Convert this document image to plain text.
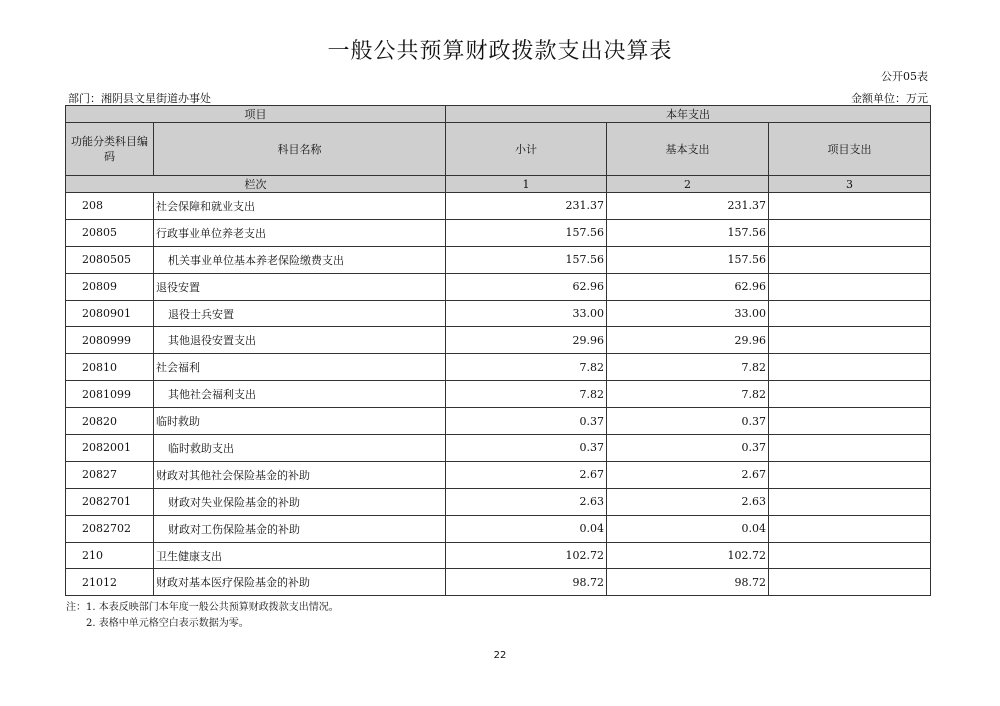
一般公共预算财政拨款支出决算表
公开05表
部门：湘阴县文星街道办事处	金额单位：万元
项目		本年支出		
功能分类科目编码	科目名称	小计	基本支出	项目支出
栏次		1	2	3
208	社会保障和就业支出	231.37	231.37	
20805	行政事业单位养老支出	157.56	157.56	
2080505	机关事业单位基本养老保险缴费支出	157.56	157.56	
20809	退役安置	62.96	62.96	
2080901	退役士兵安置	33.00	33.00	
2080999	其他退役安置支出	29.96	29.96	
20810	社会福利	7.82	7.82	
2081099	其他社会福利支出	7.82	7.82	
20820	临时救助	0.37	0.37	
2082001	临时救助支出	0.37	0.37	
20827	财政对其他社会保险基金的补助	2.67	2.67	
2082701	财政对失业保险基金的补助	2.63	2.63	
2082702	财政对工伤保险基金的补助	0.04	0.04	
210	卫生健康支出	102.72	102.72	
21012	财政对基本医疗保险基金的补助	98.72	98.72	
注：1. 本表反映部门本年度一般公共预算财政拨款支出情况。
2. 表格中单元格空白表示数据为零。
22
